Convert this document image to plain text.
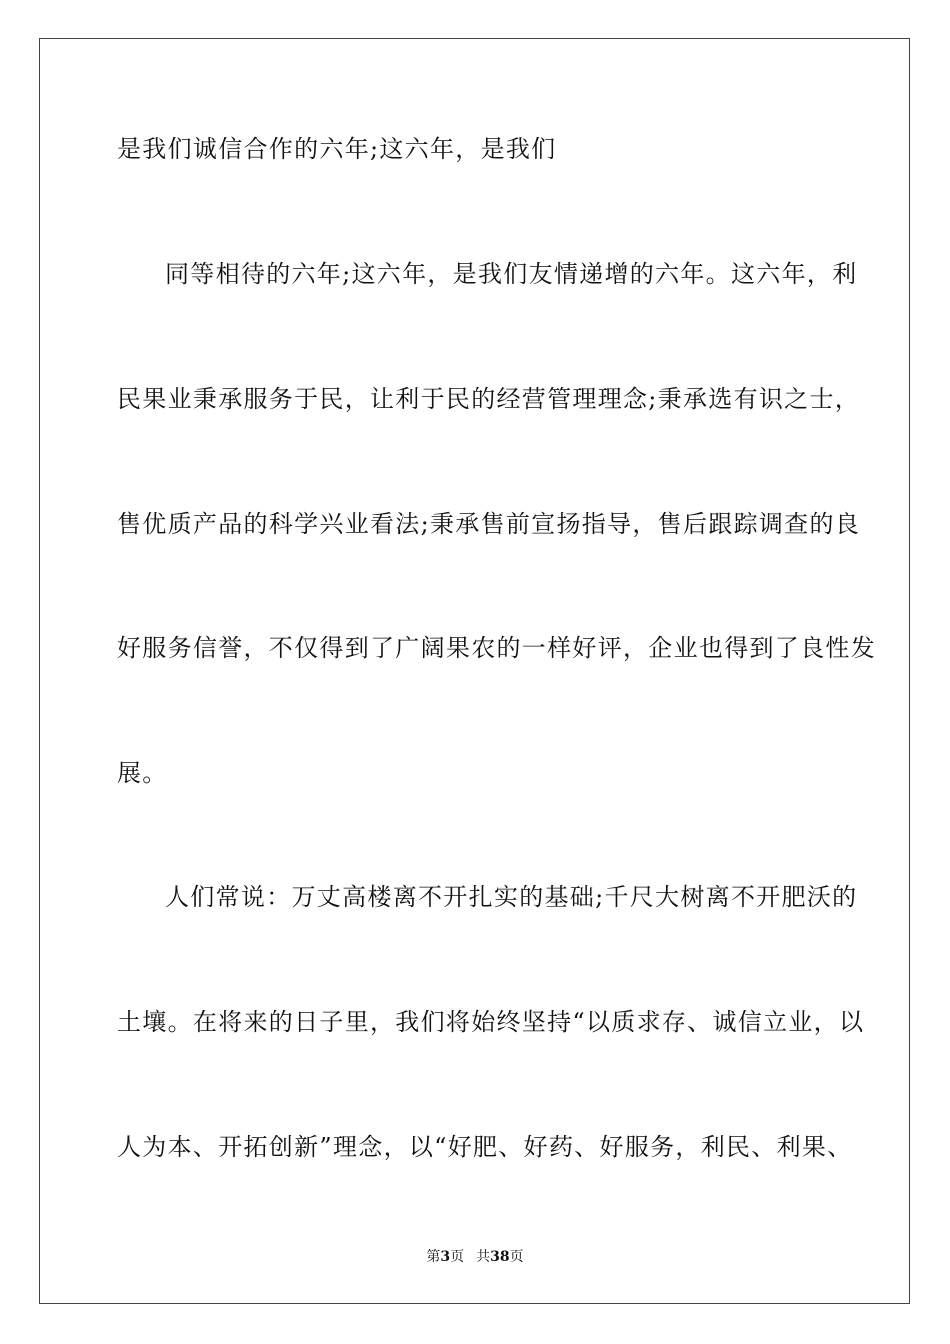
是我们诚信合作的六年;这六年，是我们
同等相待的六年;这六年，是我们友情递增的六年。这六年，利
民果业秉承服务于民，让利于民的经营管理理念;秉承选有识之士，
售优质产品的科学兴业看法;秉承售前宣扬指导，售后跟踪调查的良
好服务信誉，不仅得到了广阔果农的一样好评，企业也得到了良性发
展。
人们常说：万丈高楼离不开扎实的基础;千尺大树离不开肥沃的
土壤。在将来的日子里，我们将始终坚持“以质求存、诚信立业，以
人为本、开拓创新”理念，以“好肥、好药、好服务，利民、利果、
第3页 共38页
